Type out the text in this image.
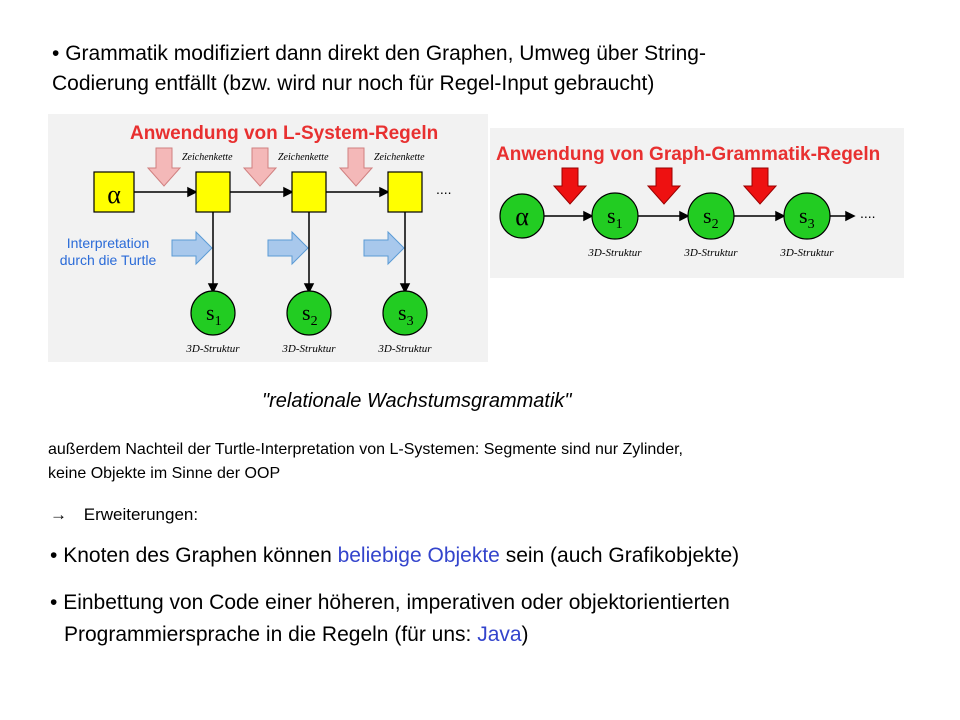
• Grammatik modifiziert dann direkt den Graphen, Umweg über String-
Codierung entfällt (bzw. wird nur noch für Regel-Input gebraucht)
Anwendung von L-System-Regeln
Zeichenkette	Zeichenkette	Zeichenkette
....
α
Interpretation
durch die Turtle
$s_1$	$s_2$	$s_3$
3D-Struktur	3D-Struktur	3D-Struktur
Anwendung von Graph-Grammatik-Regeln
....
α	$s_1$	$s_2$	$s_3$
3D-Struktur	3D-Struktur	3D-Struktur
"relationale Wachstumsgrammatik"
außerdem Nachteil der Turtle-Interpretation von L-Systemen: Segmente sind nur Zylinder,
keine Objekte im Sinne der OOP
→ Erweiterungen:
• Knoten des Graphen können beliebige Objekte sein (auch Grafikobjekte)
• Einbettung von Code einer höheren, imperativen oder objektorientierten
Programmiersprache in die Regeln (für uns: Java)
